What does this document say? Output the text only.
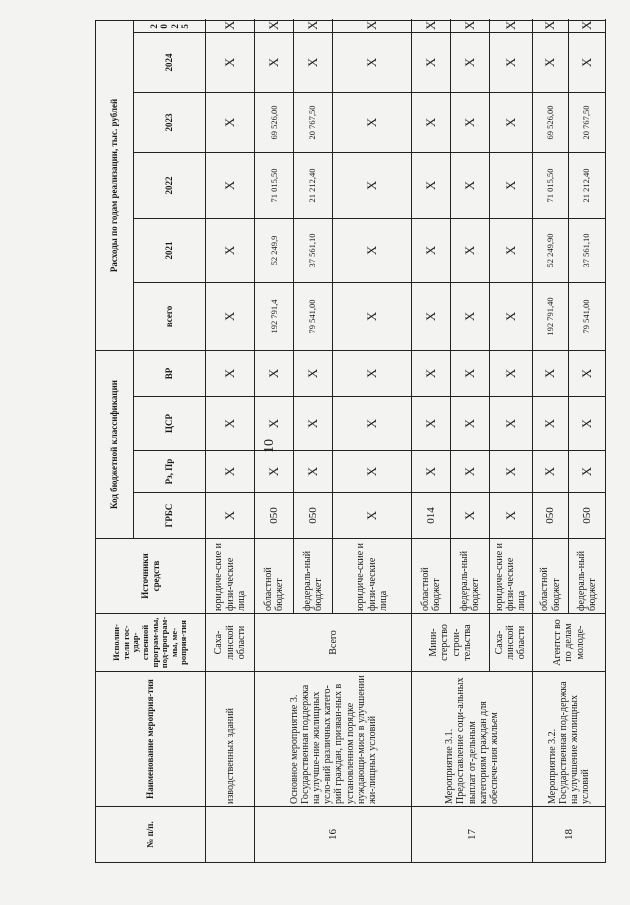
10
№ п/п.	Наименование мероприя-тия	Исполни-тели гос-удар-ственной програм-мы, под-програм-мы, ме-роприя-тия	Источники средств	Код бюджетной классификации				Расходы по годам реализации, тыс. рублей					
				ГРБС	Рз, Пр	ЦСР	ВР	всего	2021	2022	2023	2024	2025
	изводственных зданий	Саха-линской области	юридиче-ские и физи-ческие лица	X	X	X	X	X	X	X	X	X	X
16	Основное мероприятие 3. Государственная поддержка на улучше-ние жилищных усло-вий различных катего-рий граждан, призван-ных в установленном порядке нуждающи-мися в улучшении жи-лищных условий	Всего	областной бюджет	050	X	X	X	192 791,4	52 249,9	71 015,50	69 526,00	X	X
			федераль-ный бюджет	050	X	X	X	79 541,00	37 561,10	21 212,40	20 767,50	X	X
			юридиче-ские и физи-ческие лица	X	X	X	X	X	X	X	X	X	X
17	Мероприятие 3.1. Предоставление соци-альных выплат от-дельным категориям граждан для обеспече-ния жильем	Мини-стерство строи-тельства	областной бюджет	014	X	X	X	X	X	X	X	X	X
			федераль-ный бюджет	X	X	X	X	X	X	X	X	X	X
		Саха-линской области	юридиче-ские и физи-ческие лица	X	X	X	X	X	X	X	X	X	X
18	Мероприятие 3.2. Государственная под-держка на улучшение жилищных условий	Агентст во по делам молоде-	областной бюджет	050	X	X	X	192 791,40	52 249,90	71 015,50	69 526,00	X	X
			федераль-ный бюджет	050	X	X	X	79 541,00	37 561,10	21 212,40	20 767,50	X	X
